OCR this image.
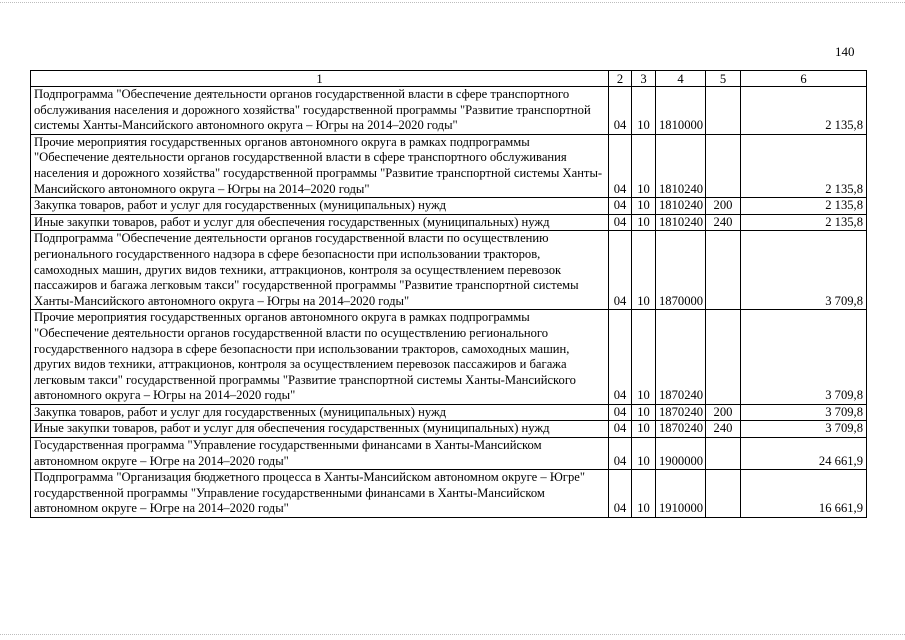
140
1	2	3	4	5	6
Подпрограмма "Обеспечение деятельности органов государственной власти в сфере транспортного обслуживания населения и дорожного хозяйства" государственной программы "Развитие транспортной системы Ханты-Мансийского автономного округа – Югры на 2014–2020 годы"	04	10	1810000		2 135,8
Прочие мероприятия государственных органов автономного округа в рамках подпрограммы "Обеспечение деятельности органов государственной власти в сфере транспортного обслуживания населения и дорожного хозяйства" государственной программы "Развитие транспортной системы Ханты-Мансийского автономного округа – Югры на 2014–2020 годы"	04	10	1810240		2 135,8
Закупка товаров, работ и услуг для государственных (муниципальных) нужд	04	10	1810240	200	2 135,8
Иные закупки товаров, работ и услуг для обеспечения государственных (муниципальных) нужд	04	10	1810240	240	2 135,8
Подпрограмма "Обеспечение деятельности органов государственной власти по осуществлению регионального государственного надзора в сфере безопасности при использовании тракторов, самоходных машин, других видов техники, аттракционов, контроля за осуществлением перевозок пассажиров и багажа легковым такси" государственной программы "Развитие транспортной системы Ханты-Мансийского автономного округа – Югры на 2014–2020 годы"	04	10	1870000		3 709,8
Прочие мероприятия государственных органов автономного округа в рамках подпрограммы "Обеспечение деятельности органов государственной власти по осуществлению регионального государственного надзора в сфере безопасности при использовании тракторов, самоходных машин, других видов техники, аттракционов, контроля за осуществлением перевозок пассажиров и багажа легковым такси" государственной программы "Развитие транспортной системы Ханты-Мансийского автономного округа – Югры на 2014–2020 годы"	04	10	1870240		3 709,8
Закупка товаров, работ и услуг для государственных (муниципальных) нужд	04	10	1870240	200	3 709,8
Иные закупки товаров, работ и услуг для обеспечения государственных (муниципальных) нужд	04	10	1870240	240	3 709,8
Государственная программа "Управление государственными финансами в Ханты-Мансийском автономном округе – Югре на 2014–2020 годы"	04	10	1900000		24 661,9
Подпрограмма "Организация бюджетного процесса в Ханты-Мансийском автономном округе – Югре" государственной программы "Управление государственными финансами в Ханты-Мансийском автономном округе – Югре на 2014–2020 годы"	04	10	1910000		16 661,9
